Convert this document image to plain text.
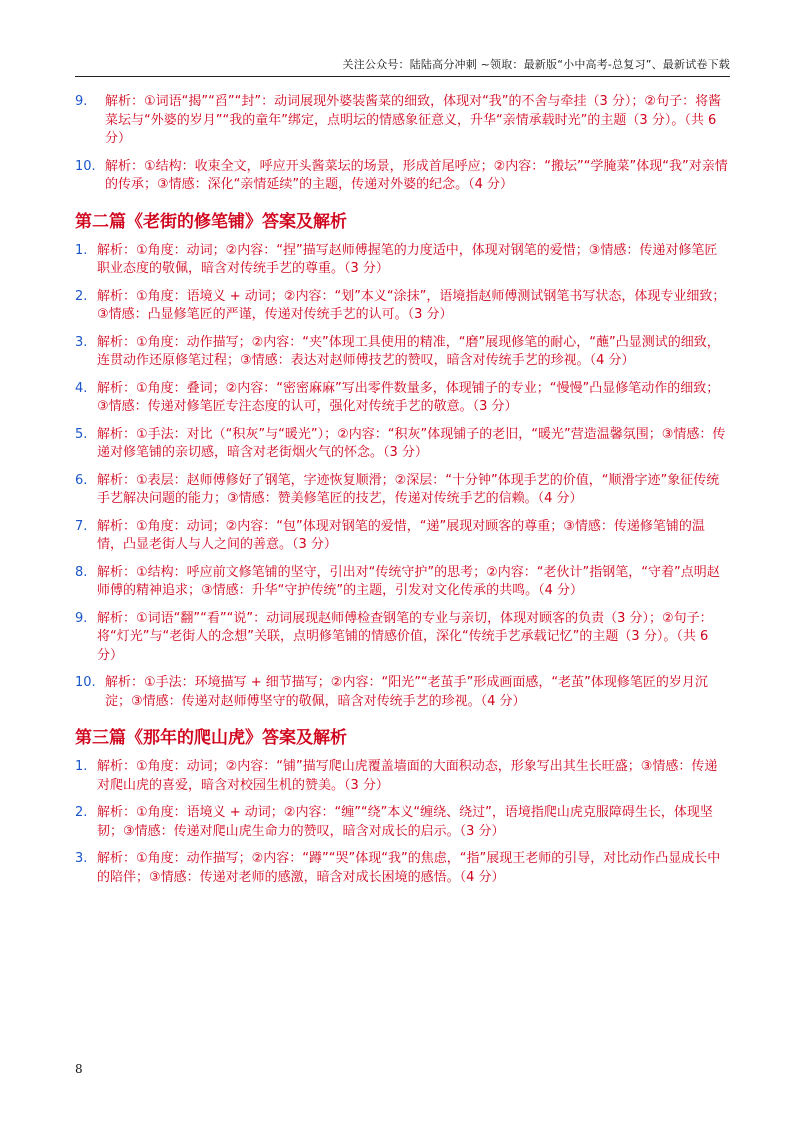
关注公众号：陆陆高分冲刺 ~领取：最新版“小中高考-总复习”、最新试卷下载
9.	解析：①词语“揭”“舀”“封”：动词展现外婆装酱菜的细致，体现对“我”的不舍与牵挂（3 分）；②句子：将酱菜坛与“外婆的岁月”“我的童年”绑定，点明坛的情感象征意义，升华“亲情承载时光”的主题（3 分）。（共 6 分）
10. 解析：①结构：收束全文，呼应开头酱菜坛的场景，形成首尾呼应；②内容：“搬坛”“学腌菜”体现“我”对亲情的传承；③情感：深化“亲情延续”的主题，传递对外婆的纪念。（4 分）
第二篇《老街的修笔铺》答案及解析
1. 解析：①角度：动词；②内容：“捏”描写赵师傅握笔的力度适中，体现对钢笔的爱惜；③情感：传递对修笔匠职业态度的敬佩，暗含对传统手艺的尊重。（3 分）
2. 解析：①角度：语境义 + 动词；②内容：“划”本义“涂抹”，语境指赵师傅测试钢笔书写状态，体现专业细致；③情感：凸显修笔匠的严谨，传递对传统手艺的认可。（3 分）
3. 解析：①角度：动作描写；②内容：“夹”体现工具使用的精准，“磨”展现修笔的耐心，“蘸”凸显测试的细致，连贯动作还原修笔过程；③情感：表达对赵师傅技艺的赞叹，暗含对传统手艺的珍视。（4 分）
4. 解析：①角度：叠词；②内容：“密密麻麻”写出零件数量多，体现铺子的专业；“慢慢”凸显修笔动作的细致；③情感：传递对修笔匠专注态度的认可，强化对传统手艺的敬意。（3 分）
5. 解析：①手法：对比（“积灰”与“暖光”）；②内容：“积灰”体现铺子的老旧，“暖光”营造温馨氛围；③情感：传递对修笔铺的亲切感，暗含对老街烟火气的怀念。（3 分）
6. 解析：①表层：赵师傅修好了钢笔，字迹恢复顺滑；②深层：“十分钟”体现手艺的价值，“顺滑字迹”象征传统手艺解决问题的能力；③情感：赞美修笔匠的技艺，传递对传统手艺的信赖。（4 分）
7. 解析：①角度：动词；②内容：“包”体现对钢笔的爱惜，“递”展现对顾客的尊重；③情感：传递修笔铺的温情，凸显老街人与人之间的善意。（3 分）
8. 解析：①结构：呼应前文修笔铺的坚守，引出对“传统守护”的思考；②内容：“老伙计”指钢笔，“守着”点明赵师傅的精神追求；③情感：升华“守护传统”的主题，引发对文化传承的共鸣。（4 分）
9. 解析：①词语“翻”“看”“说”：动词展现赵师傅检查钢笔的专业与亲切，体现对顾客的负责（3 分）；②句子：将“灯光”与“老街人的念想”关联，点明修笔铺的情感价值，深化“传统手艺承载记忆”的主题（3 分）。（共 6 分）
10. 解析：①手法：环境描写 + 细节描写；②内容：“阳光”“老茧手”形成画面感，“老茧”体现修笔匠的岁月沉淀；③情感：传递对赵师傅坚守的敬佩，暗含对传统手艺的珍视。（4 分）
第三篇《那年的爬山虎》答案及解析
1. 解析：①角度：动词；②内容：“铺”描写爬山虎覆盖墙面的大面积动态，形象写出其生长旺盛；③情感：传递对爬山虎的喜爱，暗含对校园生机的赞美。（3 分）
2. 解析：①角度：语境义 + 动词；②内容：“缠”“绕”本义“缠绕、绕过”，语境指爬山虎克服障碍生长，体现坚韧；③情感：传递对爬山虎生命力的赞叹，暗含对成长的启示。（3 分）
3. 解析：①角度：动作描写；②内容：“蹲”“哭”体现“我”的焦虑，“指”展现王老师的引导，对比动作凸显成长中的陪伴；③情感：传递对老师的感激，暗含对成长困境的感悟。（4 分）
8
